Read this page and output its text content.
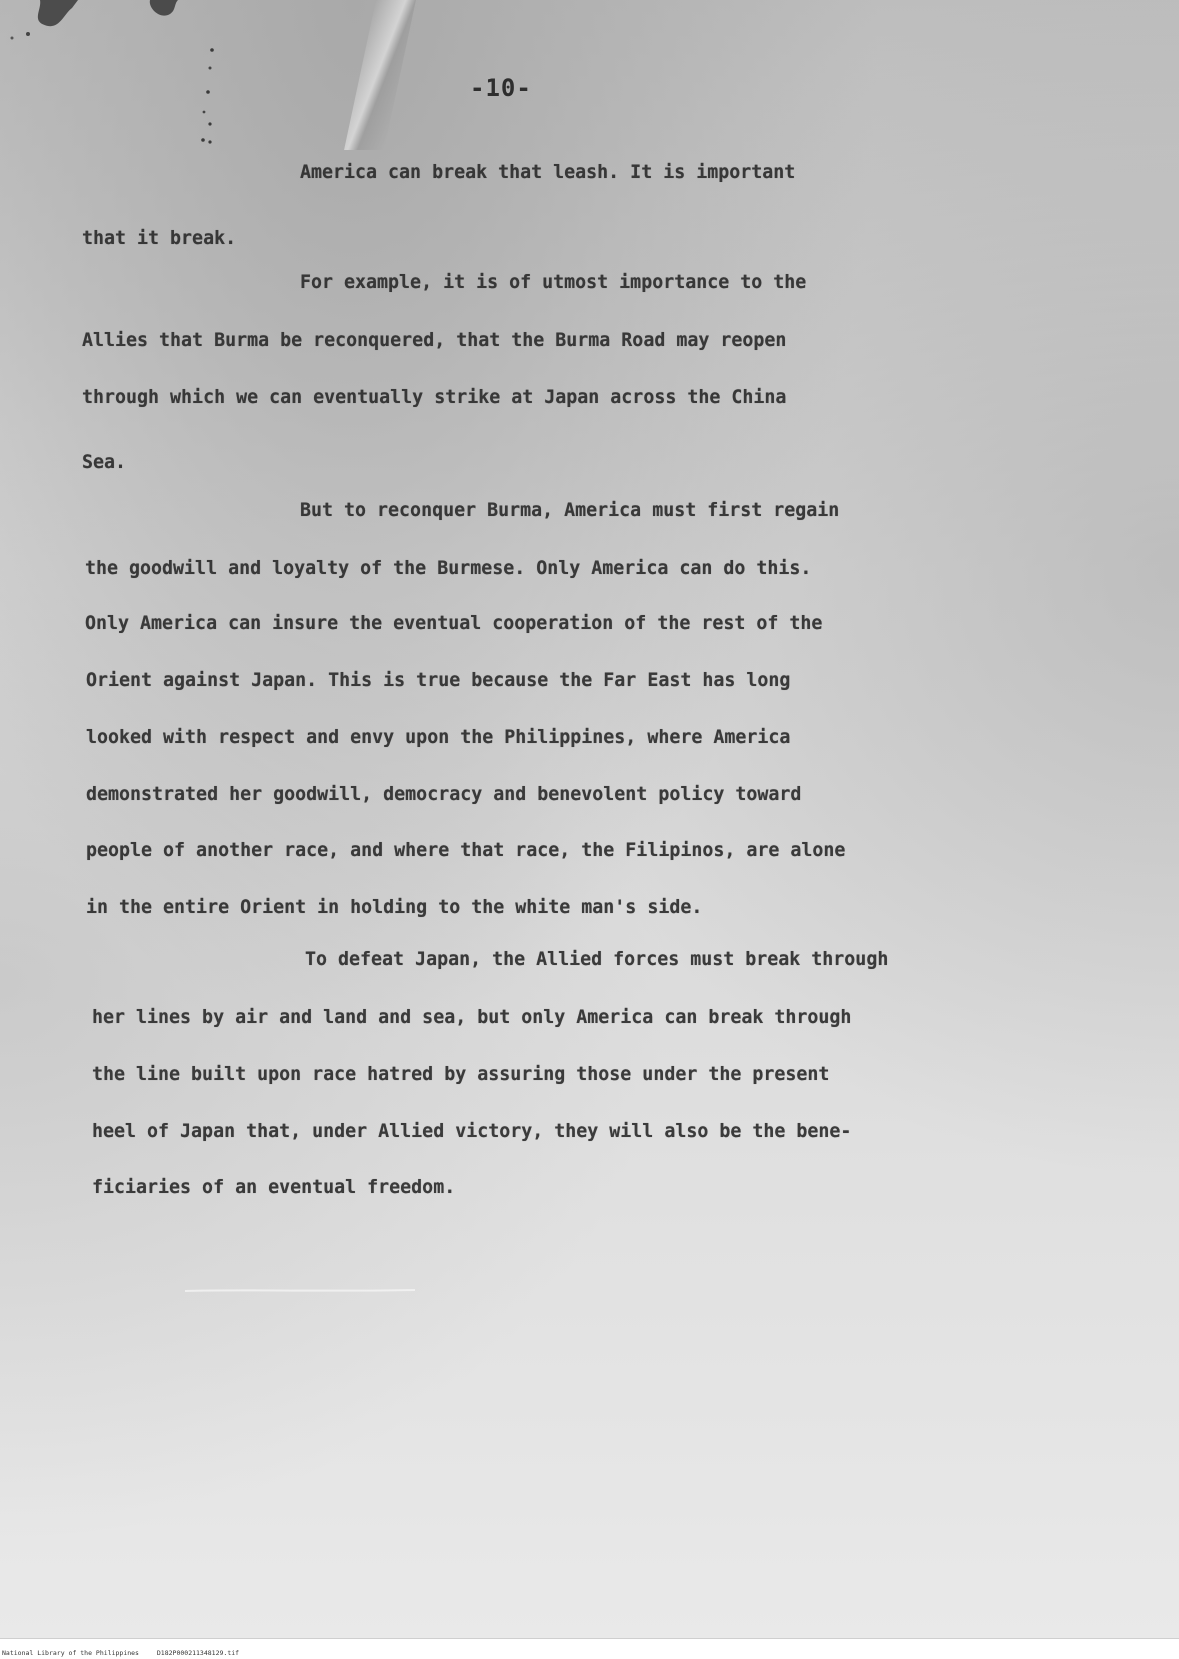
-10-

America can break that leash. It is important

that it break.

For example, it is of utmost importance to the

Allies that Burma be reconquered, that the Burma Road may reopen

through which we can eventually strike at Japan across the China

Sea.

But to reconquer Burma, America must first regain

the goodwill and loyalty of the Burmese. Only America can do this.

Only America can insure the eventual cooperation of the rest of the

Orient against Japan. This is true because the Far East has long

looked with respect and envy upon the Philippines, where America

demonstrated her goodwill, democracy and benevolent policy toward

people of another race, and where that race, the Filipinos, are alone

in the entire Orient in holding to the white man's side.

To defeat Japan, the Allied forces must break through

her lines by air and land and sea, but only America can break through

the line built upon race hatred by assuring those under the present

heel of Japan that, under Allied victory, they will also be the bene-

ficiaries of an eventual freedom.

National Library of the Philippines	D182P000211348129.tif
